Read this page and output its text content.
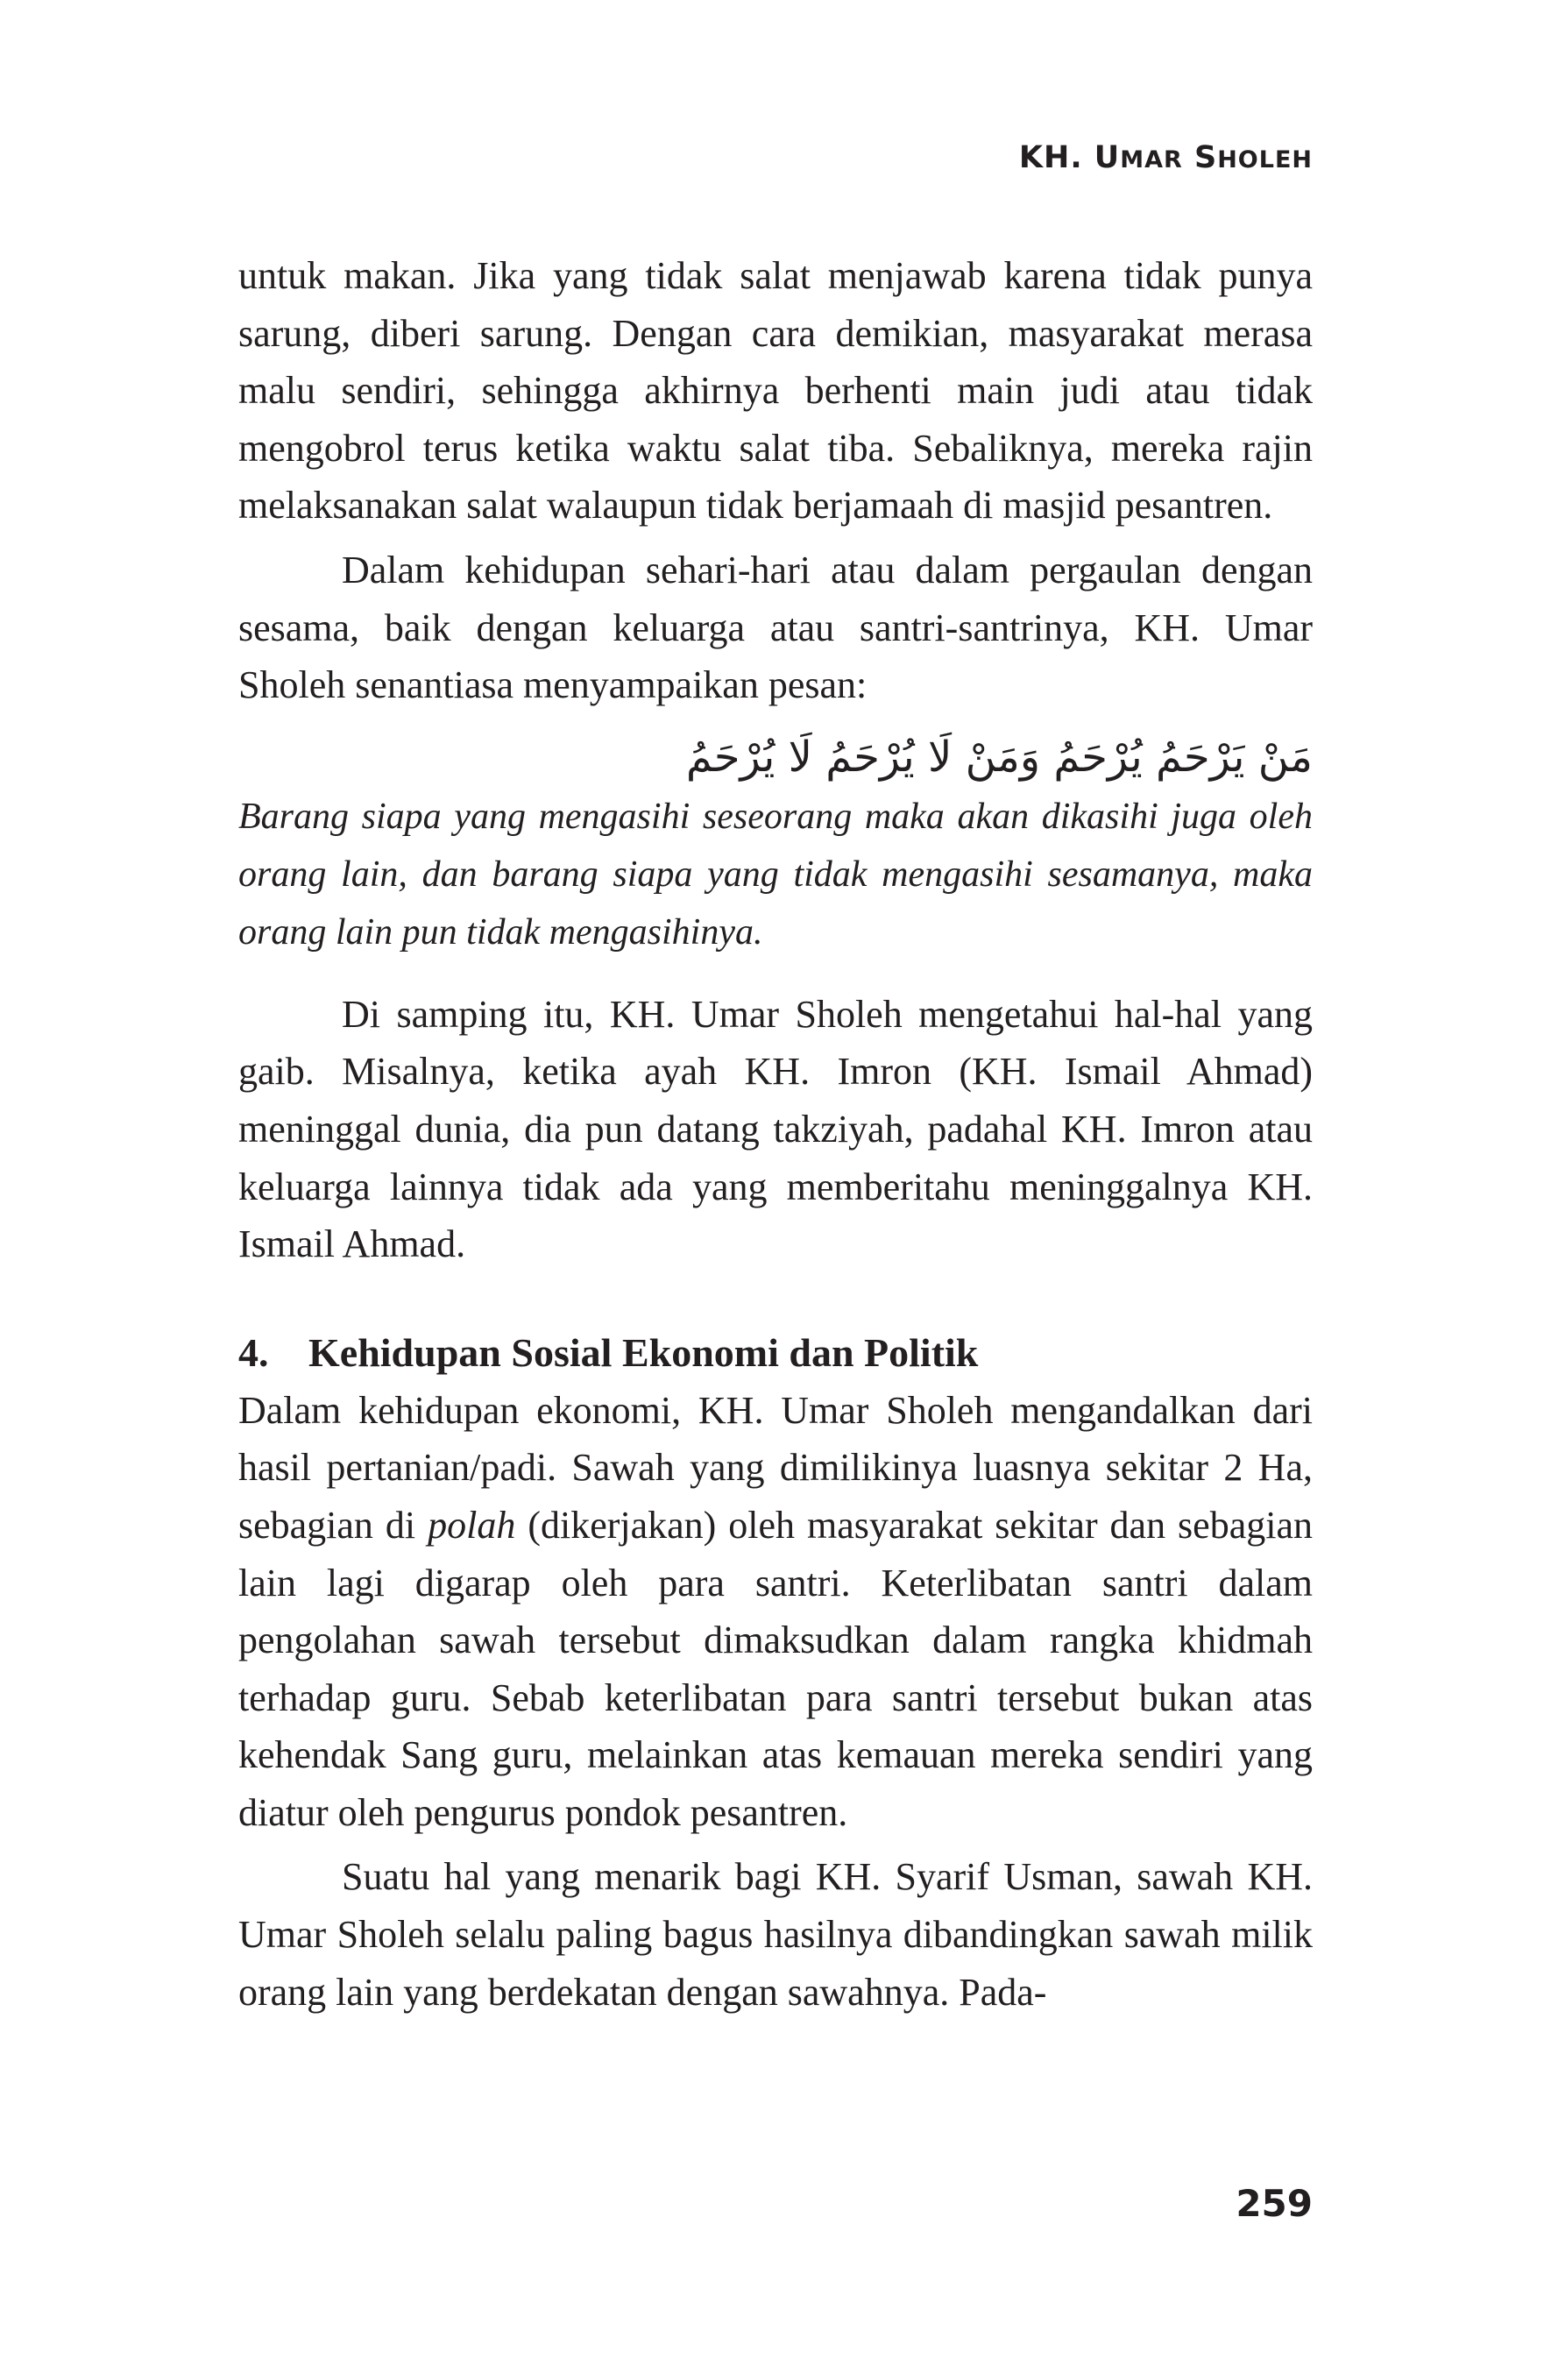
KH. UMAR SHOLEH

untuk makan. Jika yang tidak salat menjawab karena tidak punya sarung, diberi sarung. Dengan cara demikian, masyarakat merasa malu sendiri, sehingga akhirnya berhenti main judi atau tidak mengobrol terus ketika waktu salat tiba. Sebaliknya, mereka rajin melaksanakan salat walaupun tidak berjamaah di masjid pesantren.

Dalam kehidupan sehari-hari atau dalam pergaulan dengan sesama, baik dengan keluarga atau santri-santrinya, KH. Umar Sholeh senantiasa menyampaikan pesan:

مَنْ يَرْحَمُ يُرْحَمُ وَمَنْ لَا يُرْحَمُ لَا يُرْحَمُ

Barang siapa yang mengasihi seseorang maka akan dikasihi juga oleh orang lain, dan barang siapa yang tidak mengasihi sesamanya, maka orang lain pun tidak mengasihinya.

Di samping itu, KH. Umar Sholeh mengetahui hal-hal yang gaib. Misalnya, ketika ayah KH. Imron (KH. Ismail Ahmad) meninggal dunia, dia pun datang takziyah, padahal KH. Imron atau keluarga lainnya tidak ada yang memberitahu meninggalnya KH. Ismail Ahmad.

4. Kehidupan Sosial Ekonomi dan Politik

Dalam kehidupan ekonomi, KH. Umar Sholeh mengandalkan dari hasil pertanian/padi. Sawah yang dimilikinya luasnya sekitar 2 Ha, sebagian di polah (dikerjakan) oleh masyarakat sekitar dan sebagian lain lagi digarap oleh para santri. Keterlibatan santri dalam pengolahan sawah tersebut dimaksudkan dalam rangka khidmah terhadap guru. Sebab keterlibatan para santri tersebut bukan atas kehendak Sang guru, melainkan atas kemauan mereka sendiri yang diatur oleh pengurus pondok pesantren.

Suatu hal yang menarik bagi KH. Syarif Usman, sawah KH. Umar Sholeh selalu paling bagus hasilnya dibandingkan sawah milik orang lain yang berdekatan dengan sawahnya. Pada-

259
